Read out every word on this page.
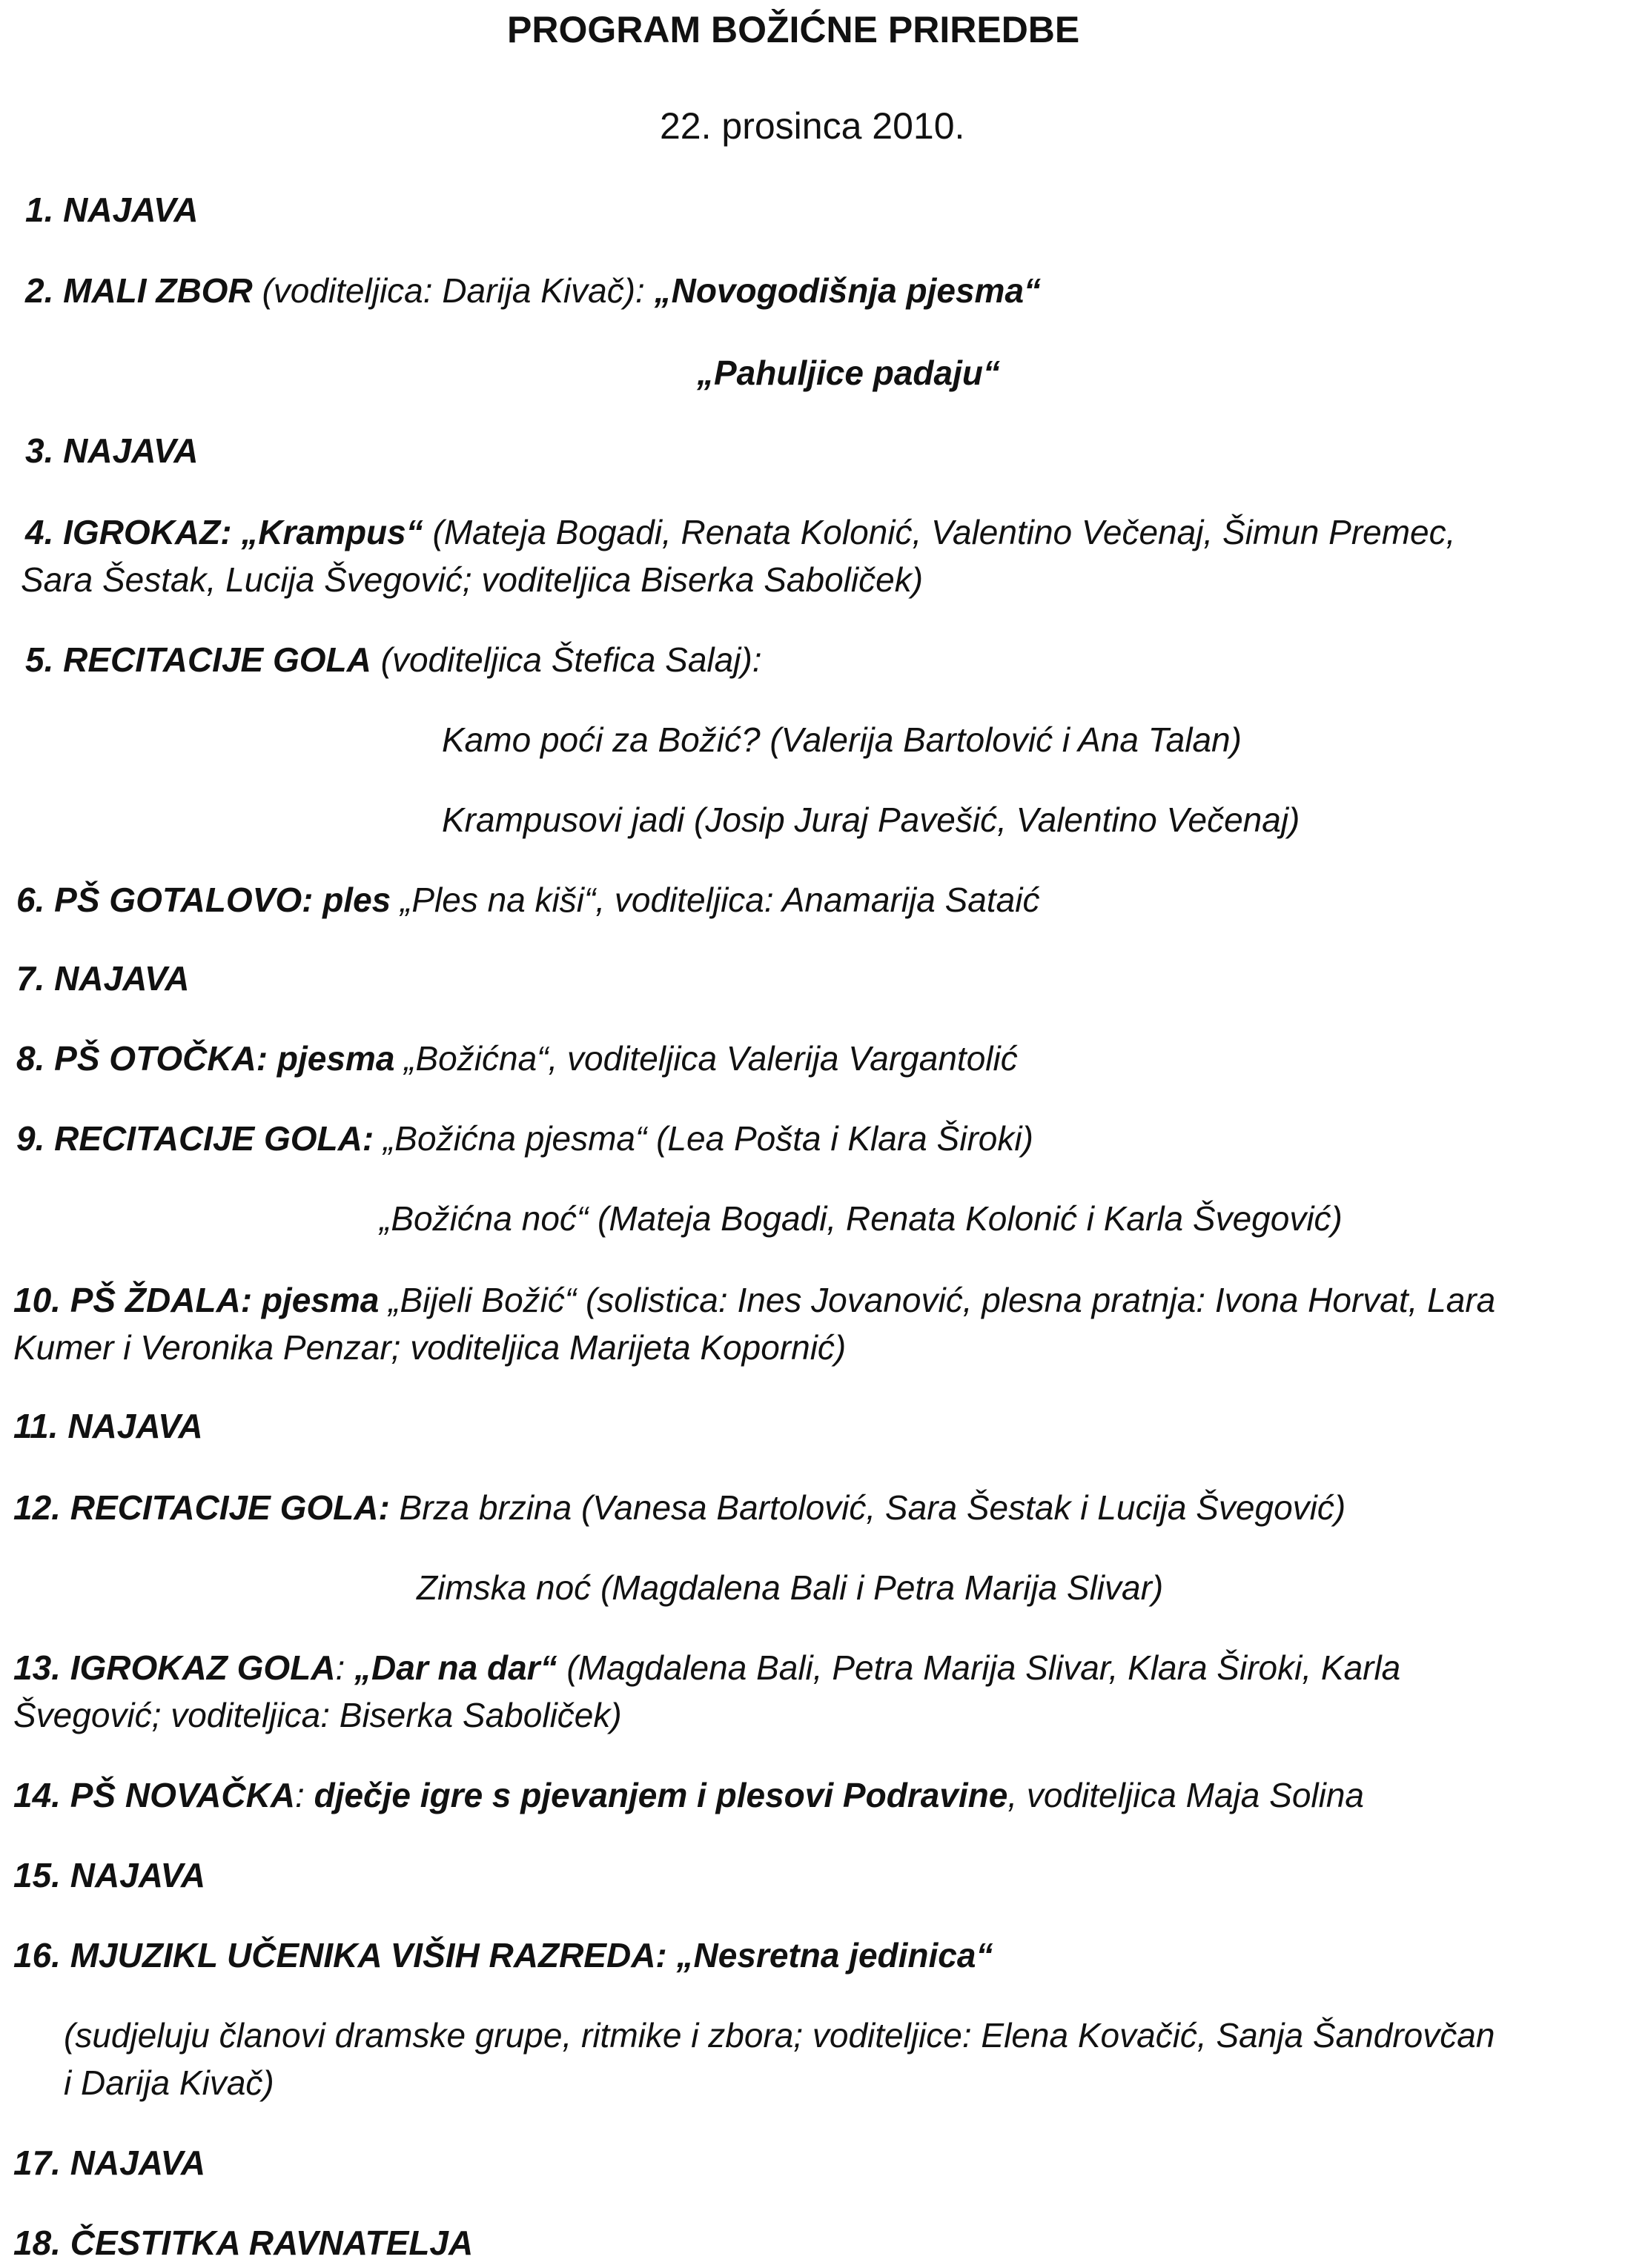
PROGRAM BOŽIĆNE PRIREDBE
22. prosinca 2010.
1. NAJAVA
2. MALI ZBOR (voditeljica: Darija Kivač): „Novogodišnja pjesma“
„Pahuljice padaju“
3. NAJAVA
4. IGROKAZ: „Krampus“ (Mateja Bogadi, Renata Kolonić, Valentino Večenaj, Šimun Premec,
Sara Šestak, Lucija Švegović; voditeljica Biserka Saboliček)
5. RECITACIJE GOLA (voditeljica Štefica Salaj):
Kamo poći za Božić? (Valerija Bartolović i Ana Talan)
Krampusovi jadi (Josip Juraj Pavešić, Valentino Večenaj)
6. PŠ GOTALOVO: ples „Ples na kiši“, voditeljica: Anamarija Sataić
7. NAJAVA
8. PŠ OTOČKA: pjesma „Božićna“, voditeljica Valerija Vargantolić
9. RECITACIJE GOLA: „Božićna pjesma“ (Lea Pošta i Klara Široki)
„Božićna noć“ (Mateja Bogadi, Renata Kolonić i Karla Švegović)
10. PŠ ŽDALA: pjesma „Bijeli Božić“ (solistica: Ines Jovanović, plesna pratnja: Ivona Horvat, Lara
Kumer i Veronika Penzar; voditeljica Marijeta Kopornić)
11. NAJAVA
12. RECITACIJE GOLA: Brza brzina (Vanesa Bartolović, Sara Šestak i Lucija Švegović)
Zimska noć (Magdalena Bali i Petra Marija Slivar)
13. IGROKAZ GOLA: „Dar na dar“ (Magdalena Bali, Petra Marija Slivar, Klara Široki, Karla
Švegović; voditeljica: Biserka Saboliček)
14. PŠ NOVAČKA: dječje igre s pjevanjem i plesovi Podravine, voditeljica Maja Solina
15. NAJAVA
16. MJUZIKL UČENIKA VIŠIH RAZREDA: „Nesretna jedinica“
(sudjeluju članovi dramske grupe, ritmike i zbora; voditeljice: Elena Kovačić, Sanja Šandrovčan
i Darija Kivač)
17. NAJAVA
18. ČESTITKA RAVNATELJA
